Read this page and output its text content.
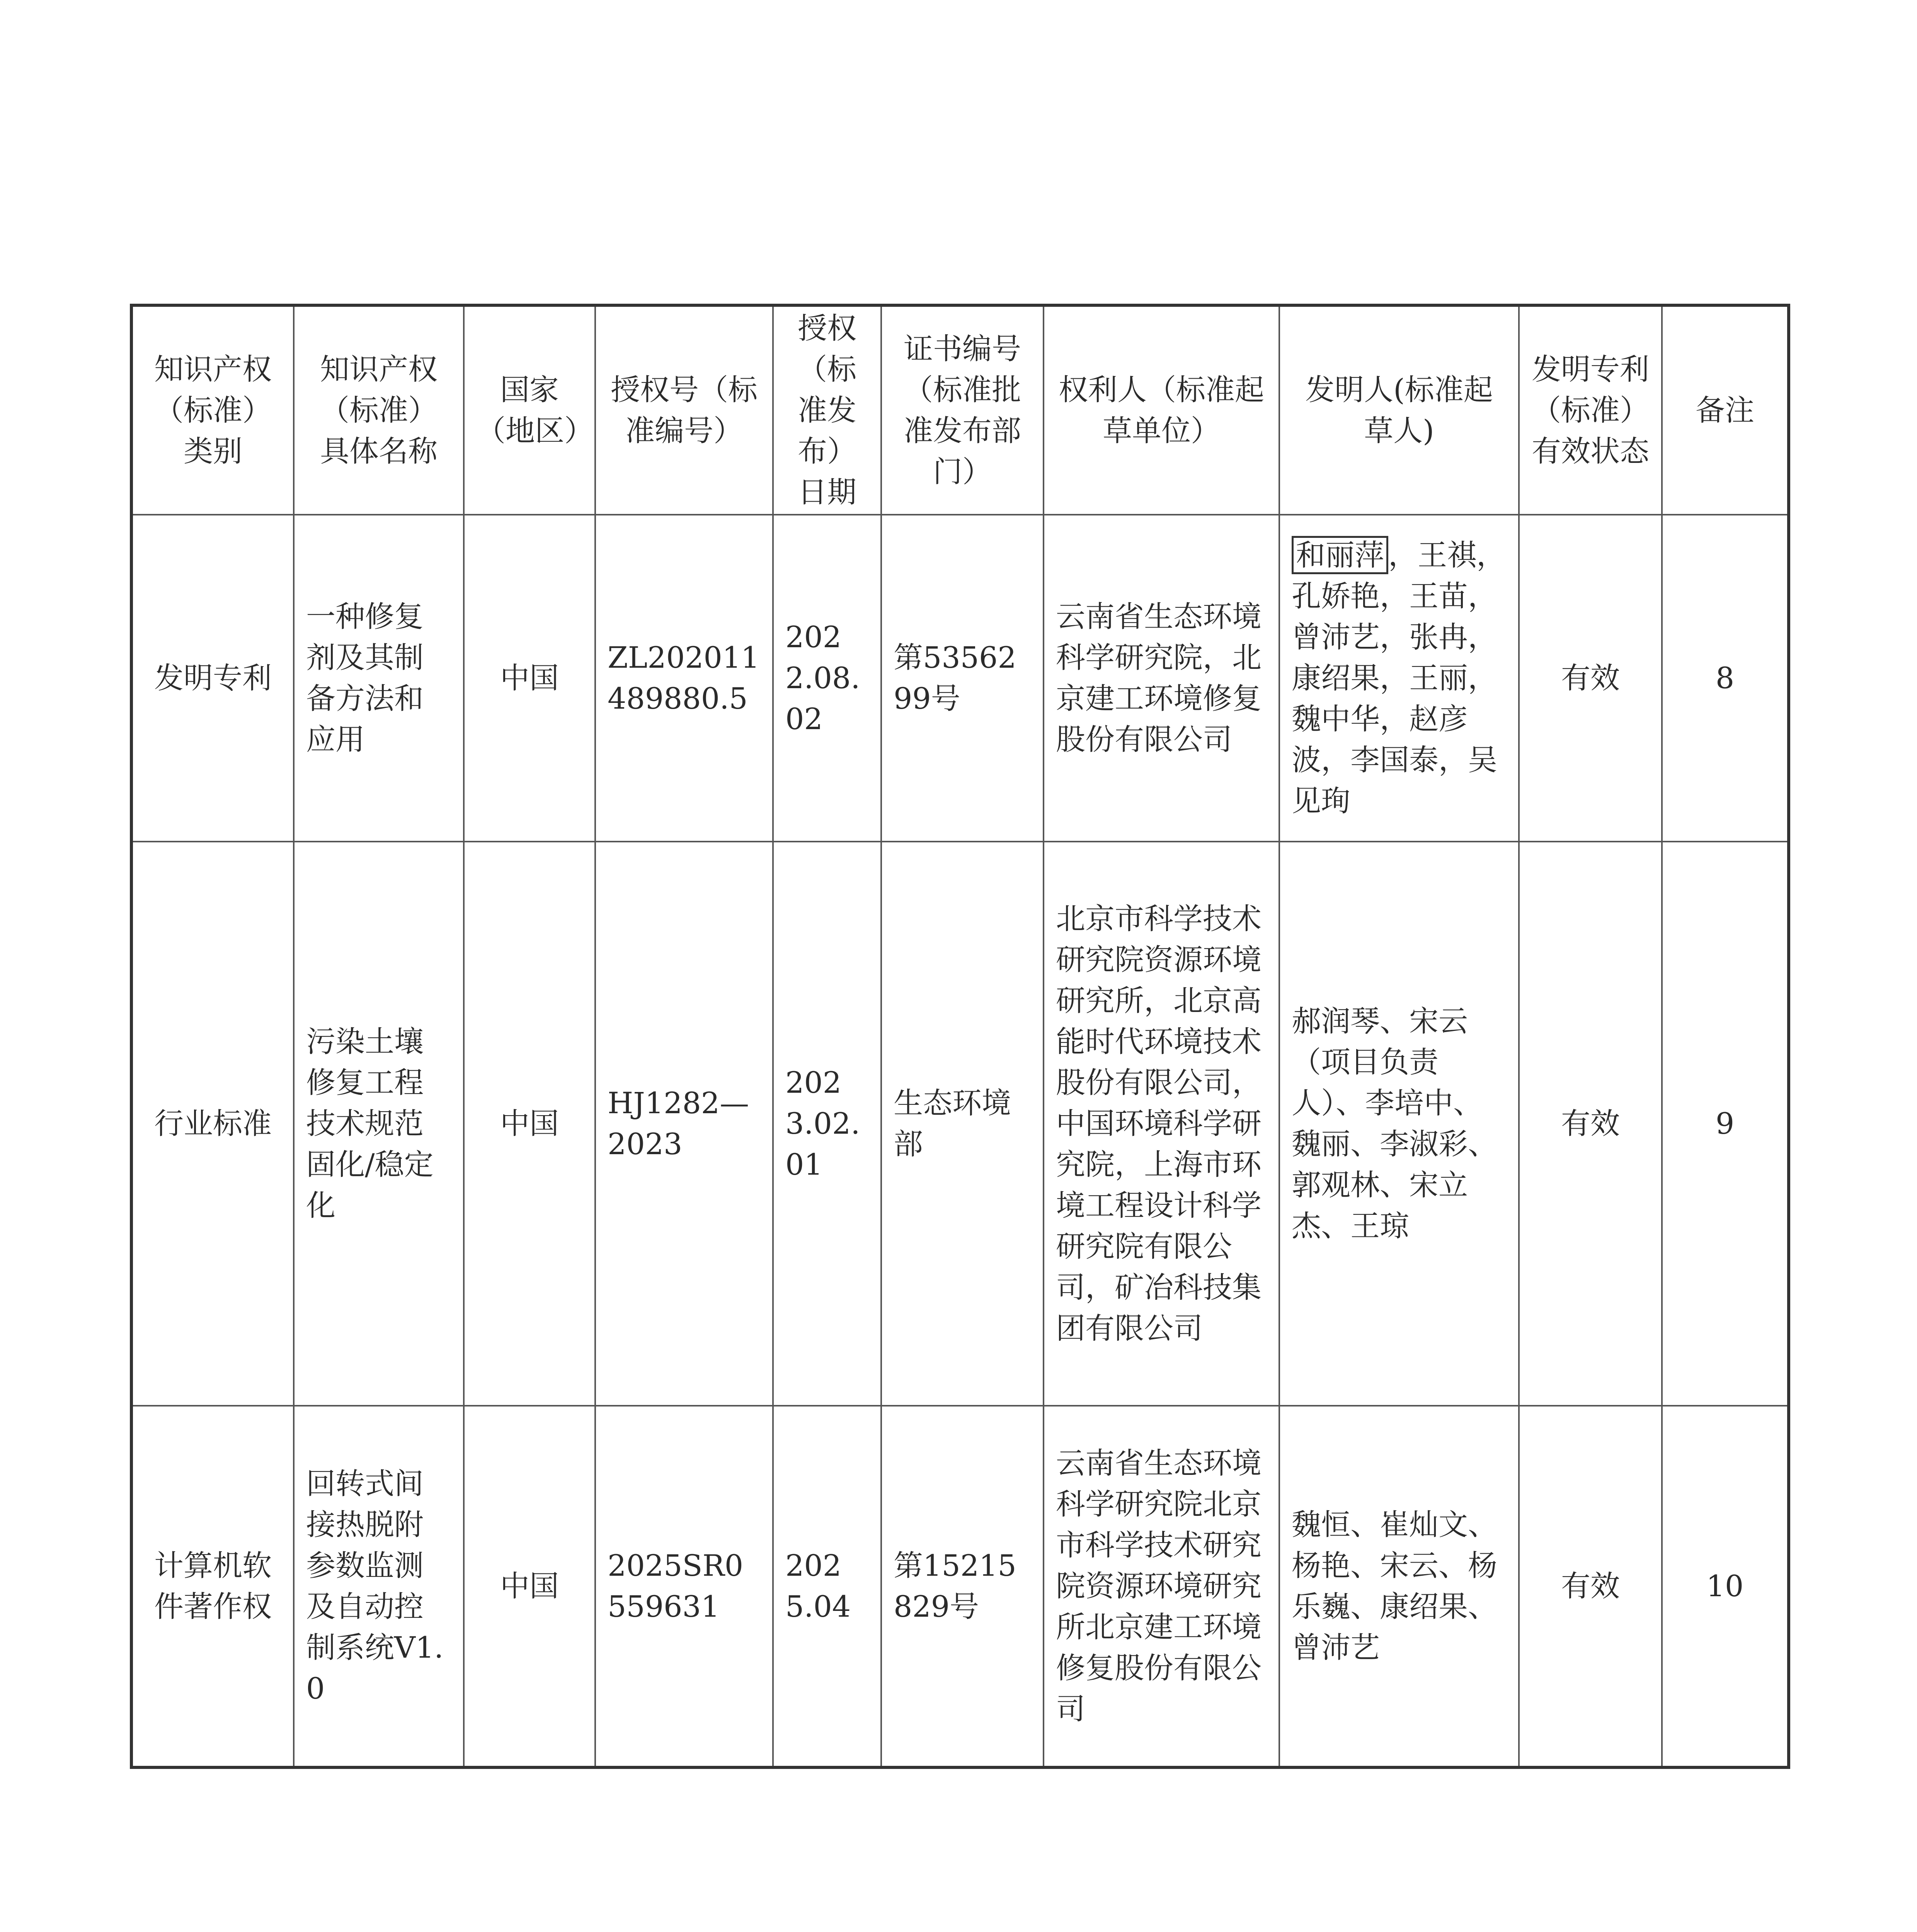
知识产权（标准）类别	知识产权（标准）具体名称	国家（地区）	授权号（标准编号）	授权（标准发布）日期	证书编号（标准批准发布部门）	权利人（标准起草单位）	发明人(标准起草人)	发明专利（标准）有效状态	备注
发明专利	一种修复剂及其制备方法和应用	中国	ZL202011489880.5	2022.08.02	第5356299号	云南省生态环境科学研究院，北京建工环境修复股份有限公司	和丽萍 ，王祺，孔娇艳，王苗，曾沛艺，张冉，康绍果，王丽，魏中华，赵彦波，李国泰，吴见珣	有效	8
行业标准	污染土壤修复工程技术规范固化/稳定化	中国	HJ1282—2023	2023.02.01	生态环境部	北京市科学技术研究院资源环境研究所，北京高能时代环境技术股份有限公司，中国环境科学研究院，上海市环境工程设计科学研究院有限公司，矿冶科技集团有限公司	郝润琴、宋云（项目负责人）、李培中、魏丽、李淑彩、郭观林、宋立杰、王琼	有效	9
计算机软件著作权	回转式间接热脱附参数监测及自动控制系统V1.0	中国	2025SR0559631	2025.04	第15215829号	云南省生态环境科学研究院北京市科学技术研究院资源环境研究所北京建工环境修复股份有限公司	魏恒、崔灿文、杨艳、宋云、杨乐巍、康绍果、曾沛艺	有效	10
